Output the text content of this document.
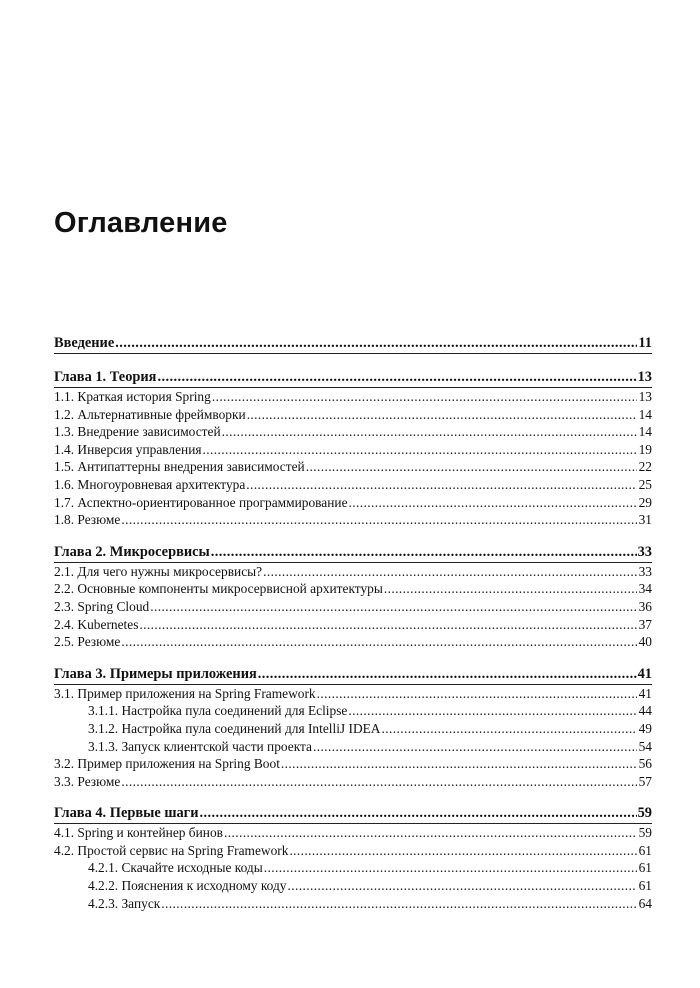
Оглавление
Введение .....	11
Глава 1. Теория .....	13
1.1. Краткая история Spring .....	13
1.2. Альтернативные фреймворки .....	14
1.3. Внедрение зависимостей .....	14
1.4. Инверсия управления .....	19
1.5. Антипаттерны внедрения зависимостей .....	22
1.6. Многоуровневая архитектура .....	25
1.7. Аспектно-ориентированное программирование .....	29
1.8. Резюме .....	31
Глава 2. Микросервисы .....	33
2.1. Для чего нужны микросервисы? .....	33
2.2. Основные компоненты микросервисной архитектуры .....	34
2.3. Spring Cloud .....	36
2.4. Kubernetes .....	37
2.5. Резюме .....	40
Глава 3. Примеры приложения .....	41
3.1. Пример приложения на Spring Framework .....	41
3.1.1. Настройка пула соединений для Eclipse .....	44
3.1.2. Настройка пула соединений для IntelliJ IDEA .....	49
3.1.3. Запуск клиентской части проекта .....	54
3.2. Пример приложения на Spring Boot .....	56
3.3. Резюме .....	57
Глава 4. Первые шаги .....	59
4.1. Spring и контейнер бинов .....	59
4.2. Простой сервис на Spring Framework .....	61
4.2.1. Скачайте исходные коды .....	61
4.2.2. Пояснения к исходному коду .....	61
4.2.3. Запуск .....	64
